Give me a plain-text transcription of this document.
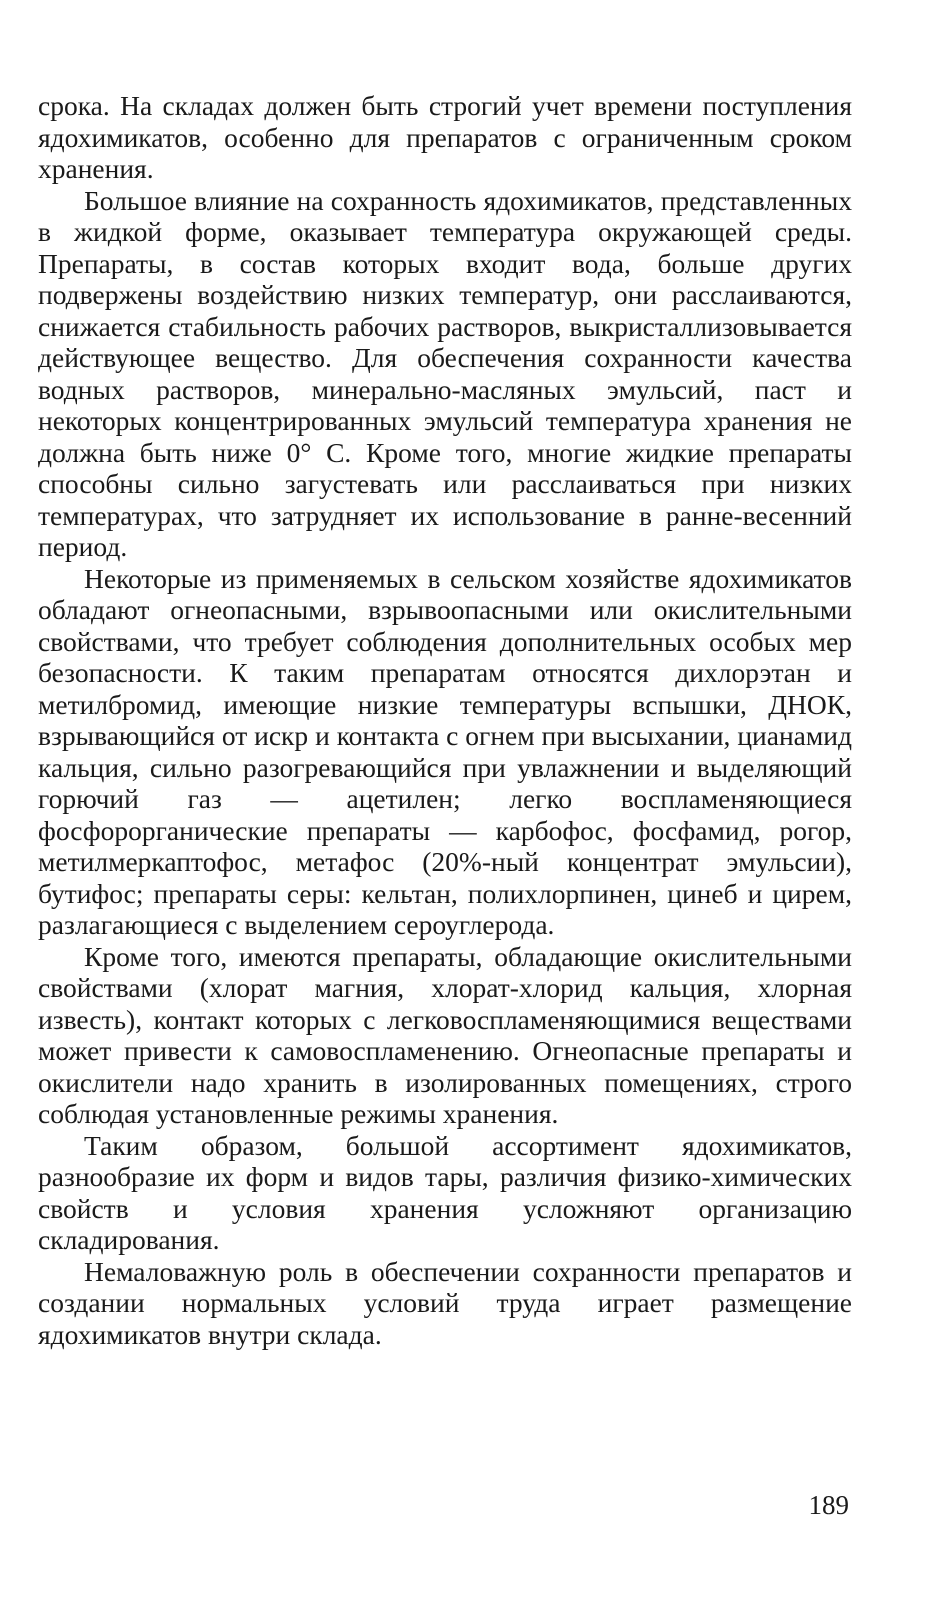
срока. На складах должен быть строгий учет времени поступления ядохимикатов, особенно для препаратов с ограниченным сроком хранения.

Большое влияние на сохранность ядохимикатов, представленных в жидкой форме, оказывает температура окружающей среды. Препараты, в состав которых входит вода, больше других подвержены воздействию низких температур, они расслаиваются, снижается стабильность рабочих растворов, выкристаллизовывается действующее вещество. Для обеспечения сохранности качества водных растворов, минерально-масляных эмульсий, паст и некоторых концентрированных эмульсий температура хранения не должна быть ниже 0° С. Кроме того, многие жидкие препараты способны сильно загустевать или расслаиваться при низких температурах, что затрудняет их использование в ранне-весенний период.

Некоторые из применяемых в сельском хозяйстве ядохимикатов обладают огнеопасными, взрывоопасными или окислительными свойствами, что требует соблюдения дополнительных особых мер безопасности. К таким препаратам относятся дихлорэтан и метилбромид, имеющие низкие температуры вспышки, ДНОК, взрывающийся от искр и контакта с огнем при высыхании, цианамид кальция, сильно разогревающийся при увлажнении и выделяющий горючий газ — ацетилен; легко воспламеняющиеся фосфорорганические препараты — карбофос, фосфамид, рогор, метилмеркаптофос, метафос (20%-ный концентрат эмульсии), бутифос; препараты серы: кельтан, полихлорпинен, цинеб и цирем, разлагающиеся с выделением сероуглерода.

Кроме того, имеются препараты, обладающие окислительными свойствами (хлорат магния, хлорат-хлорид кальция, хлорная известь), контакт которых с легковоспламеняющимися веществами может привести к самовоспламенению. Огнеопасные препараты и окислители надо хранить в изолированных помещениях, строго соблюдая установленные режимы хранения.

Таким образом, большой ассортимент ядохимикатов, разнообразие их форм и видов тары, различия физико-химических свойств и условия хранения усложняют организацию складирования.

Немаловажную роль в обеспечении сохранности препаратов и создании нормальных условий труда играет размещение ядохимикатов внутри склада.

189
